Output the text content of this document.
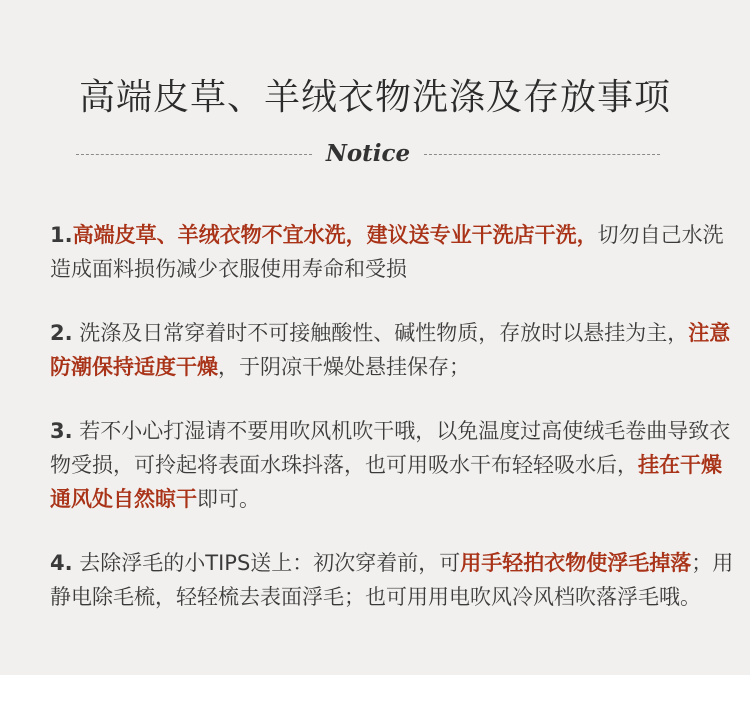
高端皮草、羊绒衣物洗涤及存放事项
Notice

1.高端皮草、羊绒衣物不宜水洗，建议送专业干洗店干洗，切勿自己水洗造成面料损伤减少衣服使用寿命和受损

2. 洗涤及日常穿着时不可接触酸性、碱性物质，存放时以悬挂为主，注意防潮保持适度干燥，于阴凉干燥处悬挂保存；

3. 若不小心打湿请不要用吹风机吹干哦，以免温度过高使绒毛卷曲导致衣物受损，可拎起将表面水珠抖落，也可用吸水干布轻轻吸水后，挂在干燥通风处自然晾干即可。

4. 去除浮毛的小TIPS送上：初次穿着前，可用手轻拍衣物使浮毛掉落；用静电除毛梳，轻轻梳去表面浮毛；也可用用电吹风冷风档吹落浮毛哦。
